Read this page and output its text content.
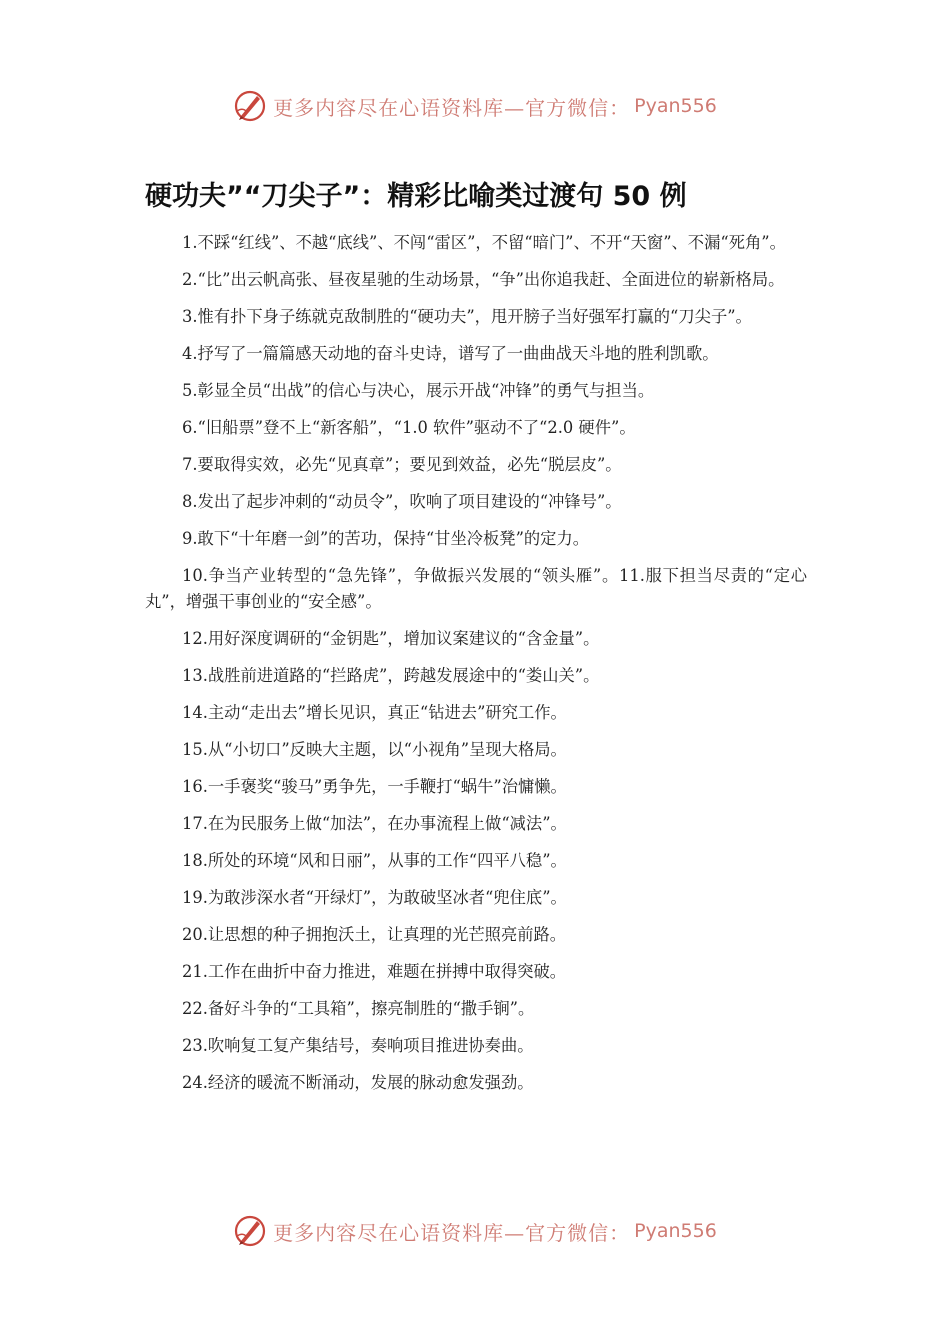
更多内容尽在心语资料库—官方微信： Pyan556
硬功夫”“刀尖子”：精彩比喻类过渡句 50 例

1.不踩“红线”、不越“底线”、不闯“雷区”，不留“暗门”、不开“天窗”、不漏“死角”。

2.“比”出云帆高张、昼夜星驰的生动场景，“争”出你追我赶、全面进位的崭新格局。

3.惟有扑下身子练就克敌制胜的“硬功夫”，甩开膀子当好强军打赢的“刀尖子”。

4.抒写了一篇篇感天动地的奋斗史诗，谱写了一曲曲战天斗地的胜利凯歌。

5.彰显全员“出战”的信心与决心，展示开战“冲锋”的勇气与担当。

6.“旧船票”登不上“新客船”，“1.0 软件”驱动不了“2.0 硬件”。

7.要取得实效，必先“见真章”；要见到效益，必先“脱层皮”。

8.发出了起步冲刺的“动员令”，吹响了项目建设的“冲锋号”。

9.敢下“十年磨一剑”的苦功，保持“甘坐冷板凳”的定力。

10.争当产业转型的“急先锋”，争做振兴发展的“领头雁”。11.服下担当尽责的“定心丸”，增强干事创业的“安全感”。

12.用好深度调研的“金钥匙”，增加议案建议的“含金量”。

13.战胜前进道路的“拦路虎”，跨越发展途中的“娄山关”。

14.主动“走出去”增长见识，真正“钻进去”研究工作。

15.从“小切口”反映大主题，以“小视角”呈现大格局。

16.一手褒奖“骏马”勇争先，一手鞭打“蜗牛”治慵懒。

17.在为民服务上做“加法”，在办事流程上做“减法”。

18.所处的环境“风和日丽”，从事的工作“四平八稳”。

19.为敢涉深水者“开绿灯”，为敢破坚冰者“兜住底”。

20.让思想的种子拥抱沃土，让真理的光芒照亮前路。

21.工作在曲折中奋力推进，难题在拼搏中取得突破。

22.备好斗争的“工具箱”，擦亮制胜的“撒手锏”。

23.吹响复工复产集结号，奏响项目推进协奏曲。

24.经济的暖流不断涌动，发展的脉动愈发强劲。

更多内容尽在心语资料库—官方微信： Pyan556
